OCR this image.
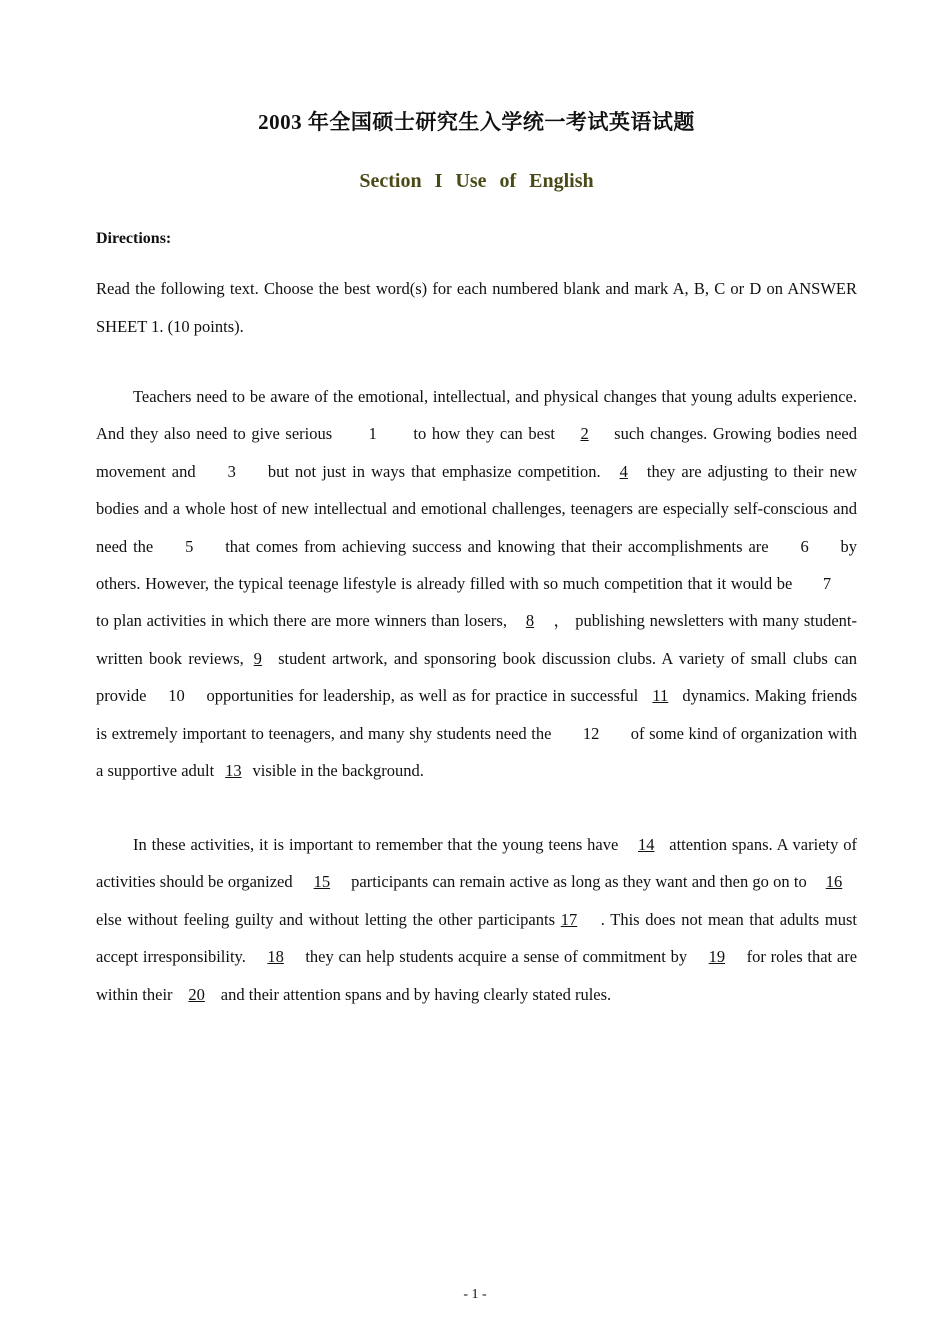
2003 年全国硕士研究生入学统一考试英语试题
Section I Use of English
Directions:
Read the following text. Choose the best word(s) for each numbered blank and mark A, B, C or D on ANSWER SHEET 1. (10 points).

Teachers need to be aware of the emotional, intellectual, and physical changes that young adults experience. And they also need to give serious 1 to how they can best 2 such changes. Growing bodies need movement and 3 but not just in ways that emphasize competition. 4 they are adjusting to their new bodies and a whole host of new intellectual and emotional challenges, teenagers are especially self-conscious and need the 5 that comes from achieving success and knowing that their accomplishments are 6 by others. However, the typical teenage lifestyle is already filled with so much competition that it would be 7 to plan activities in which there are more winners than losers, 8 ， publishing newsletters with many student-written book reviews, 9 student artwork, and sponsoring book discussion clubs. A variety of small clubs can provide 10 opportunities for leadership, as well as for practice in successful 11 dynamics. Making friends is extremely important to teenagers, and many shy students need the 12 of some kind of organization with a supportive adult 13 visible in the background.

In these activities, it is important to remember that the young teens have 14 attention spans. A variety of activities should be organized 15 participants can remain active as long as they want and then go on to 16 else without feeling guilty and without letting the other participants 17 . This does not mean that adults must accept irresponsibility. 18 they can help students acquire a sense of commitment by 19 for roles that are within their 20 and their attention spans and by having clearly stated rules.

- 1 -
